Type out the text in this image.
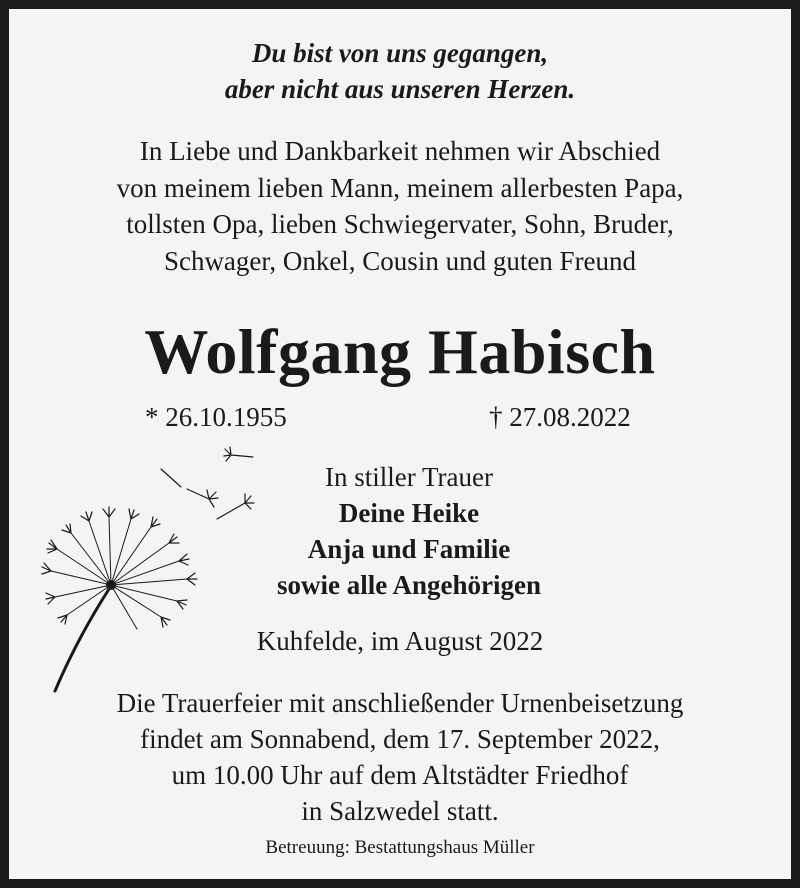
Du bist von uns gegangen,
aber nicht aus unseren Herzen.
In Liebe und Dankbarkeit nehmen wir Abschied
von meinem lieben Mann, meinem allerbesten Papa,
tollsten Opa, lieben Schwiegervater, Sohn, Bruder,
Schwager, Onkel, Cousin und guten Freund
Wolfgang Habisch
* 26.10.1955	† 27.08.2022
In stiller Trauer
Deine Heike
Anja und Familie
sowie alle Angehörigen
Kuhfelde, im August 2022
Die Trauerfeier mit anschließender Urnenbeisetzung
findet am Sonnabend, dem 17. September 2022,
um 10.00 Uhr auf dem Altstädter Friedhof
in Salzwedel statt.
Betreuung: Bestattungshaus Müller
